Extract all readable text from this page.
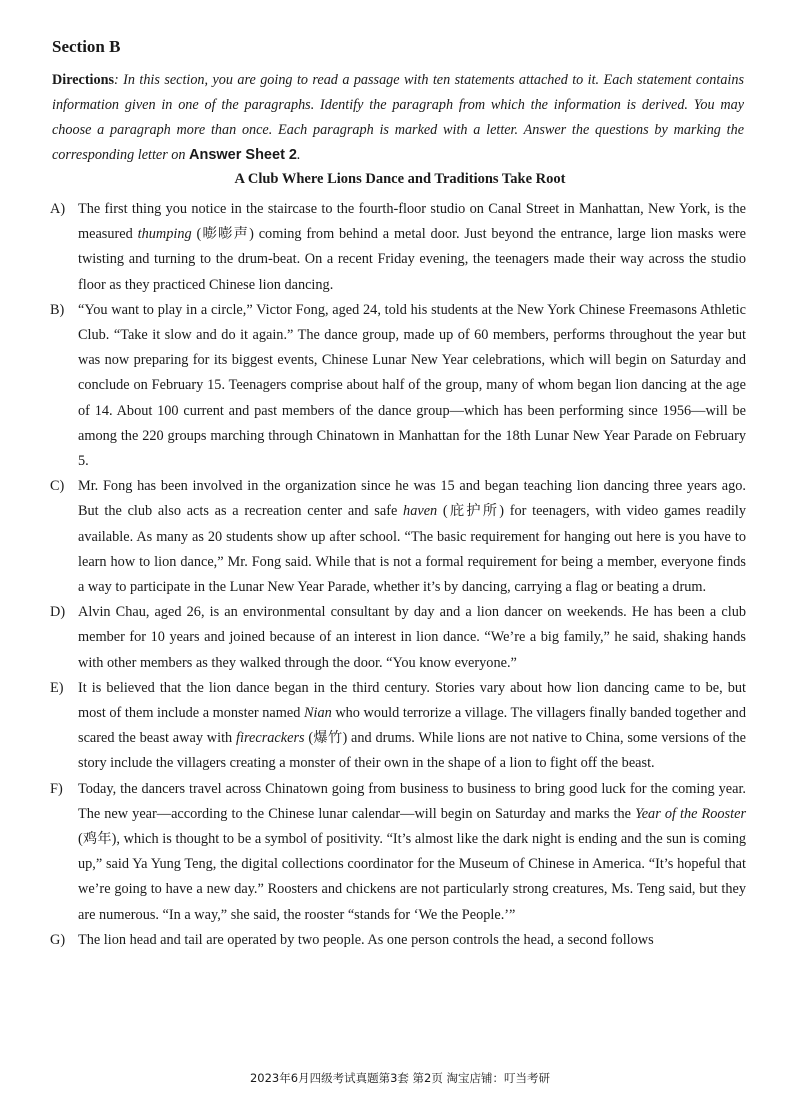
Section B
Directions: In this section, you are going to read a passage with ten statements attached to it. Each statement contains information given in one of the paragraphs. Identify the paragraph from which the information is derived. You may choose a paragraph more than once. Each paragraph is marked with a letter. Answer the questions by marking the corresponding letter on Answer Sheet 2.
A Club Where Lions Dance and Traditions Take Root
A) The first thing you notice in the staircase to the fourth-floor studio on Canal Street in Manhattan, New York, is the measured thumping (嘭嘭声) coming from behind a metal door. Just beyond the entrance, large lion masks were twisting and turning to the drum-beat. On a recent Friday evening, the teenagers made their way across the studio floor as they practiced Chinese lion dancing.
B) “You want to play in a circle,” Victor Fong, aged 24, told his students at the New York Chinese Freemasons Athletic Club. “Take it slow and do it again.” The dance group, made up of 60 members, performs throughout the year but was now preparing for its biggest events, Chinese Lunar New Year celebrations, which will begin on Saturday and conclude on February 15. Teenagers comprise about half of the group, many of whom began lion dancing at the age of 14. About 100 current and past members of the dance group—which has been performing since 1956—will be among the 220 groups marching through Chinatown in Manhattan for the 18th Lunar New Year Parade on February 5.
C) Mr. Fong has been involved in the organization since he was 15 and began teaching lion dancing three years ago. But the club also acts as a recreation center and safe haven (庇护所) for teenagers, with video games readily available. As many as 20 students show up after school. “The basic requirement for hanging out here is you have to learn how to lion dance,” Mr. Fong said. While that is not a formal requirement for being a member, everyone finds a way to participate in the Lunar New Year Parade, whether it’s by dancing, carrying a flag or beating a drum.
D) Alvin Chau, aged 26, is an environmental consultant by day and a lion dancer on weekends. He has been a club member for 10 years and joined because of an interest in lion dance. “We’re a big family,” he said, shaking hands with other members as they walked through the door. “You know everyone.”
E) It is believed that the lion dance began in the third century. Stories vary about how lion dancing came to be, but most of them include a monster named Nian who would terrorize a village. The villagers finally banded together and scared the beast away with firecrackers (爆竹) and drums. While lions are not native to China, some versions of the story include the villagers creating a monster of their own in the shape of a lion to fight off the beast.
F) Today, the dancers travel across Chinatown going from business to business to bring good luck for the coming year. The new year—according to the Chinese lunar calendar—will begin on Saturday and marks the Year of the Rooster (鸡年), which is thought to be a symbol of positivity. “It’s almost like the dark night is ending and the sun is coming up,” said Ya Yung Teng, the digital collections coordinator for the Museum of Chinese in America. “It’s hopeful that we’re going to have a new day.” Roosters and chickens are not particularly strong creatures, Ms. Teng said, but they are numerous. “In a way,” she said, the rooster “stands for ‘We the People.’”
G) The lion head and tail are operated by two people. As one person controls the head, a second follows
2023年6月四级考试真题第3套 第2页 淘宝店铺：叮当考研
